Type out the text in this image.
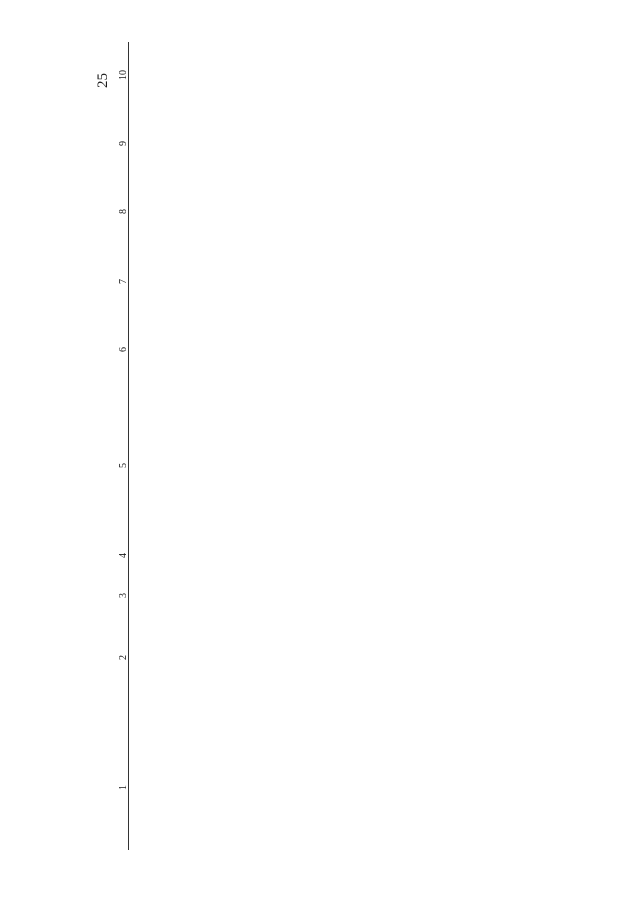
25
1
2
3
4
5
6
7
8
9
10
